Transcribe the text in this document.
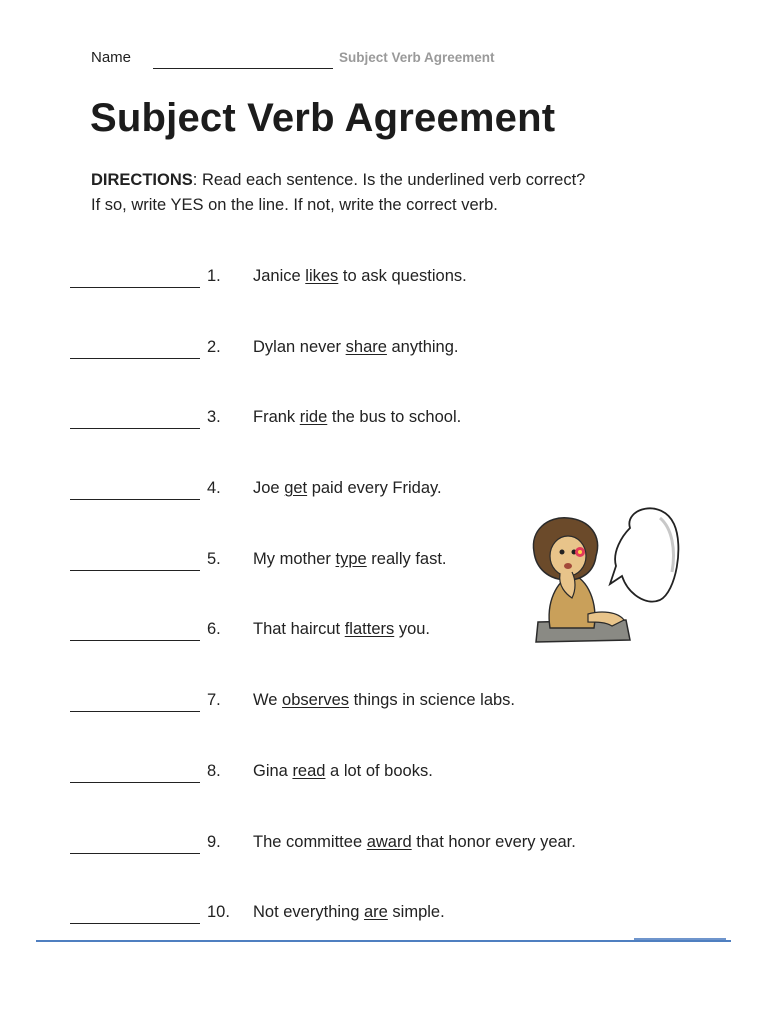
Name	Subject Verb Agreement
Subject Verb Agreement
DIRECTIONS: Read each sentence. Is the underlined verb correct?
If so, write YES on the line. If not, write the correct verb.
1. Janice likes to ask questions.
2. Dylan never share anything.
3. Frank ride the bus to school.
4. Joe get paid every Friday.
5. My mother type really fast.
6. That haircut flatters you.
7. We observes things in science labs.
8. Gina read a lot of books.
9. The committee award that honor every year.
10. Not everything are simple.
